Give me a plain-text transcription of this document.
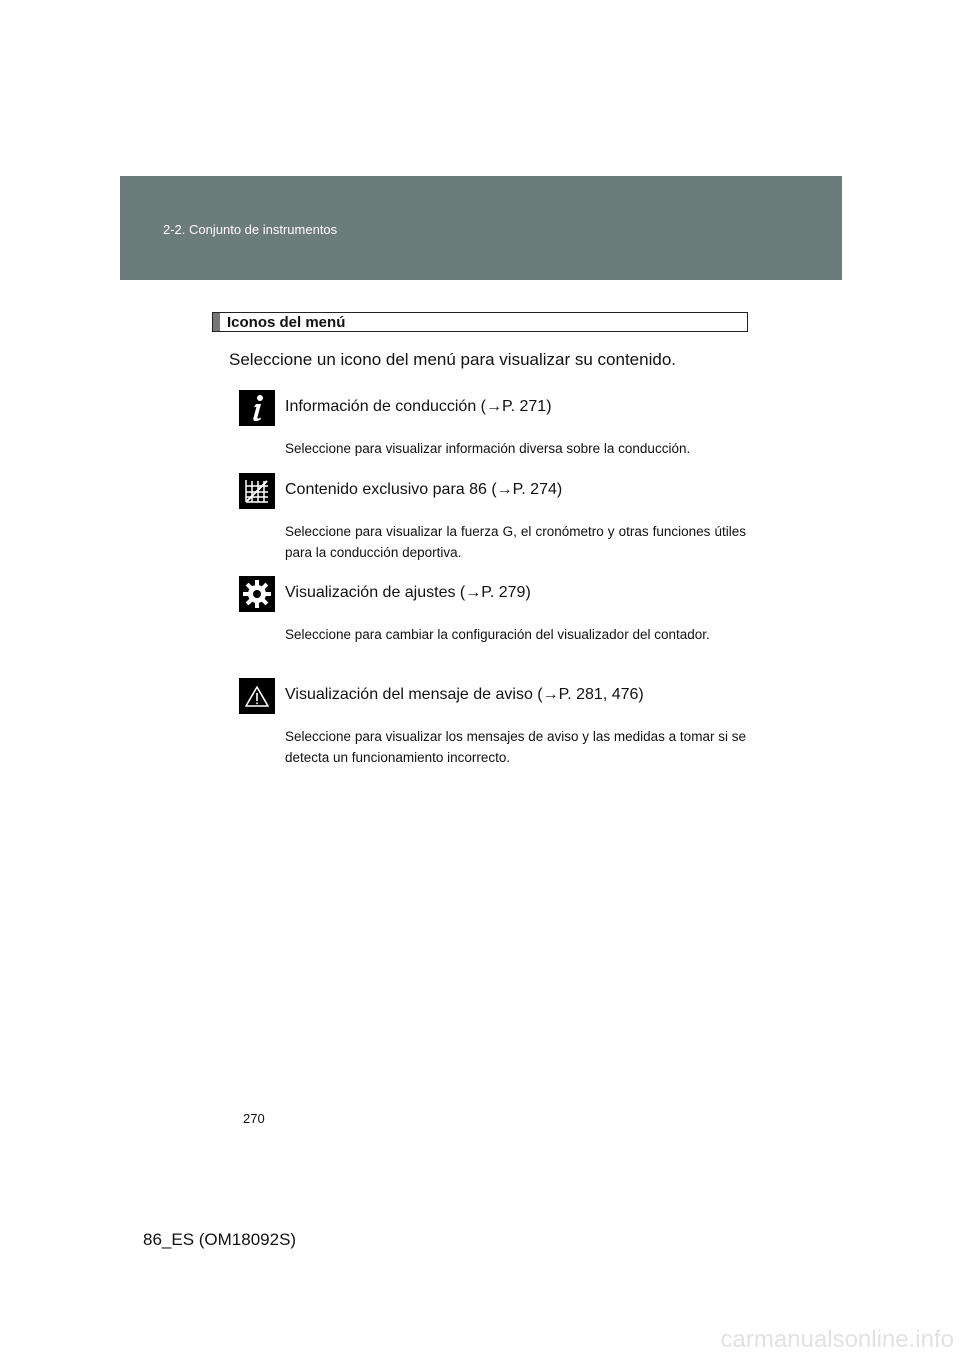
2-2. Conjunto de instrumentos
Iconos del menú
Seleccione un icono del menú para visualizar su contenido.
Información de conducción (→P. 271)
Seleccione para visualizar información diversa sobre la conducción.
Contenido exclusivo para 86 (→P. 274)
Seleccione para visualizar la fuerza G, el cronómetro y otras funciones útiles para la conducción deportiva.
Visualización de ajustes (→P. 279)
Seleccione para cambiar la configuración del visualizador del contador.
Visualización del mensaje de aviso (→P. 281, 476)
Seleccione para visualizar los mensajes de aviso y las medidas a tomar si se detecta un funcionamiento incorrecto.
270
86_ES (OM18092S)
carmanualsonline.info
